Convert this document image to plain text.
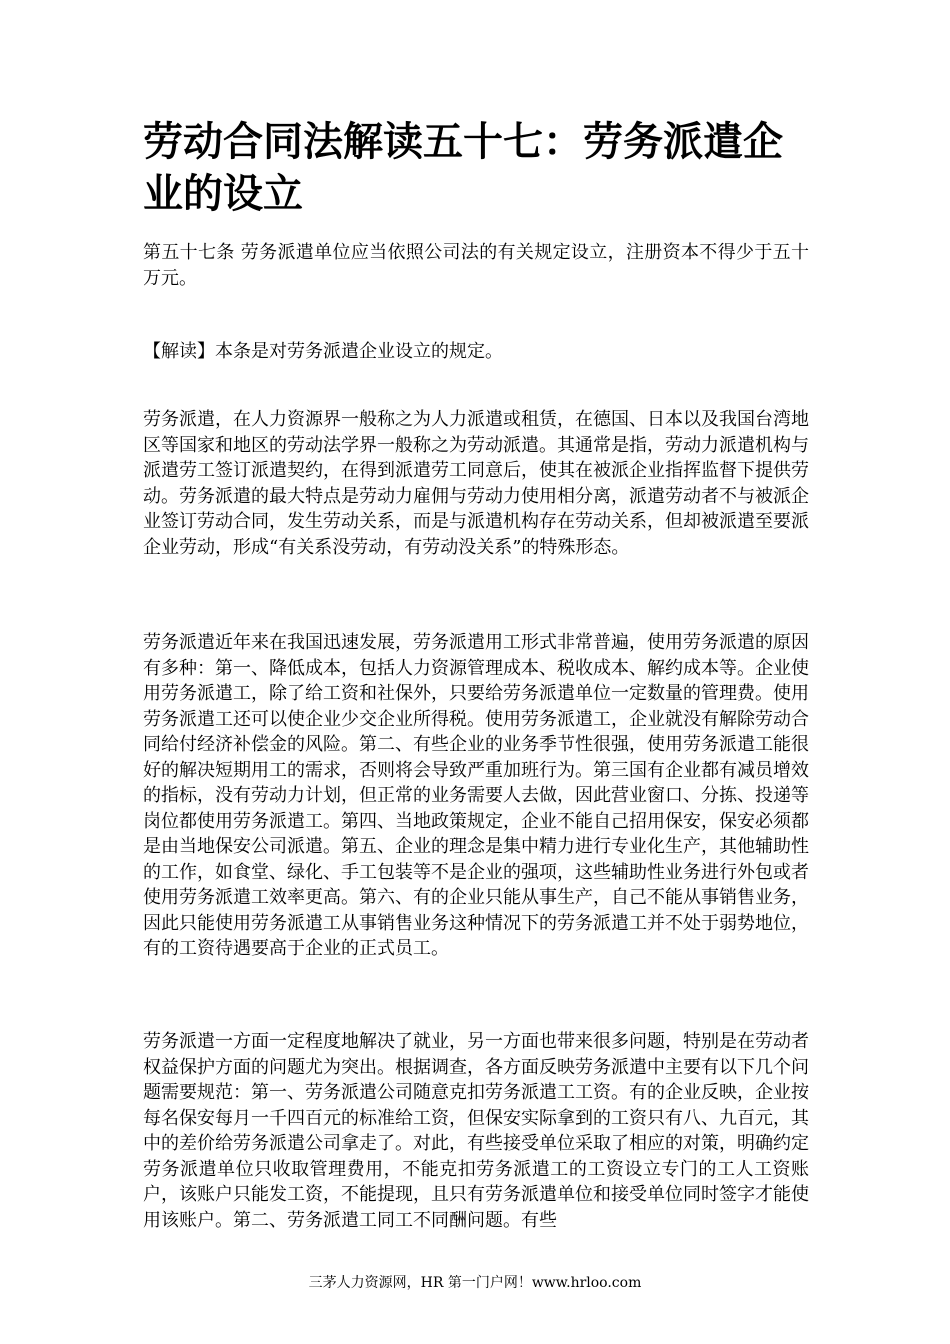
劳动合同法解读五十七：劳务派遣企业的设立

第五十七条 劳务派遣单位应当依照公司法的有关规定设立，注册资本不得少于五十万元。

【解读】本条是对劳务派遣企业设立的规定。

劳务派遣，在人力资源界一般称之为人力派遣或租赁，在德国、日本以及我国台湾地区等国家和地区的劳动法学界一般称之为劳动派遣。其通常是指，劳动力派遣机构与派遣劳工签订派遣契约，在得到派遣劳工同意后，使其在被派企业指挥监督下提供劳动。劳务派遣的最大特点是劳动力雇佣与劳动力使用相分离，派遣劳动者不与被派企业签订劳动合同，发生劳动关系，而是与派遣机构存在劳动关系，但却被派遣至要派企业劳动，形成“有关系没劳动，有劳动没关系”的特殊形态。

劳务派遣近年来在我国迅速发展，劳务派遣用工形式非常普遍，使用劳务派遣的原因有多种：第一、降低成本，包括人力资源管理成本、税收成本、解约成本等。企业使用劳务派遣工，除了给工资和社保外，只要给劳务派遣单位一定数量的管理费。使用劳务派遣工还可以使企业少交企业所得税。使用劳务派遣工，企业就没有解除劳动合同给付经济补偿金的风险。第二、有些企业的业务季节性很强，使用劳务派遣工能很好的解决短期用工的需求，否则将会导致严重加班行为。第三国有企业都有减员增效的指标，没有劳动力计划，但正常的业务需要人去做，因此营业窗口、分拣、投递等岗位都使用劳务派遣工。第四、当地政策规定，企业不能自己招用保安，保安必须都是由当地保安公司派遣。第五、企业的理念是集中精力进行专业化生产，其他辅助性的工作，如食堂、绿化、手工包装等不是企业的强项，这些辅助性业务进行外包或者使用劳务派遣工效率更高。第六、有的企业只能从事生产，自己不能从事销售业务，因此只能使用劳务派遣工从事销售业务这种情况下的劳务派遣工并不处于弱势地位，有的工资待遇要高于企业的正式员工。

劳务派遣一方面一定程度地解决了就业，另一方面也带来很多问题，特别是在劳动者权益保护方面的问题尤为突出。根据调查，各方面反映劳务派遣中主要有以下几个问题需要规范：第一、劳务派遣公司随意克扣劳务派遣工工资。有的企业反映，企业按每名保安每月一千四百元的标准给工资，但保安实际拿到的工资只有八、九百元，其中的差价给劳务派遣公司拿走了。对此，有些接受单位采取了相应的对策，明确约定劳务派遣单位只收取管理费用，不能克扣劳务派遣工的工资设立专门的工人工资账户，该账户只能发工资，不能提现，且只有劳务派遣单位和接受单位同时签字才能使用该账户。第二、劳务派遣工同工不同酬问题。有些

三茅人力资源网，HR 第一门户网！www.hrloo.com
